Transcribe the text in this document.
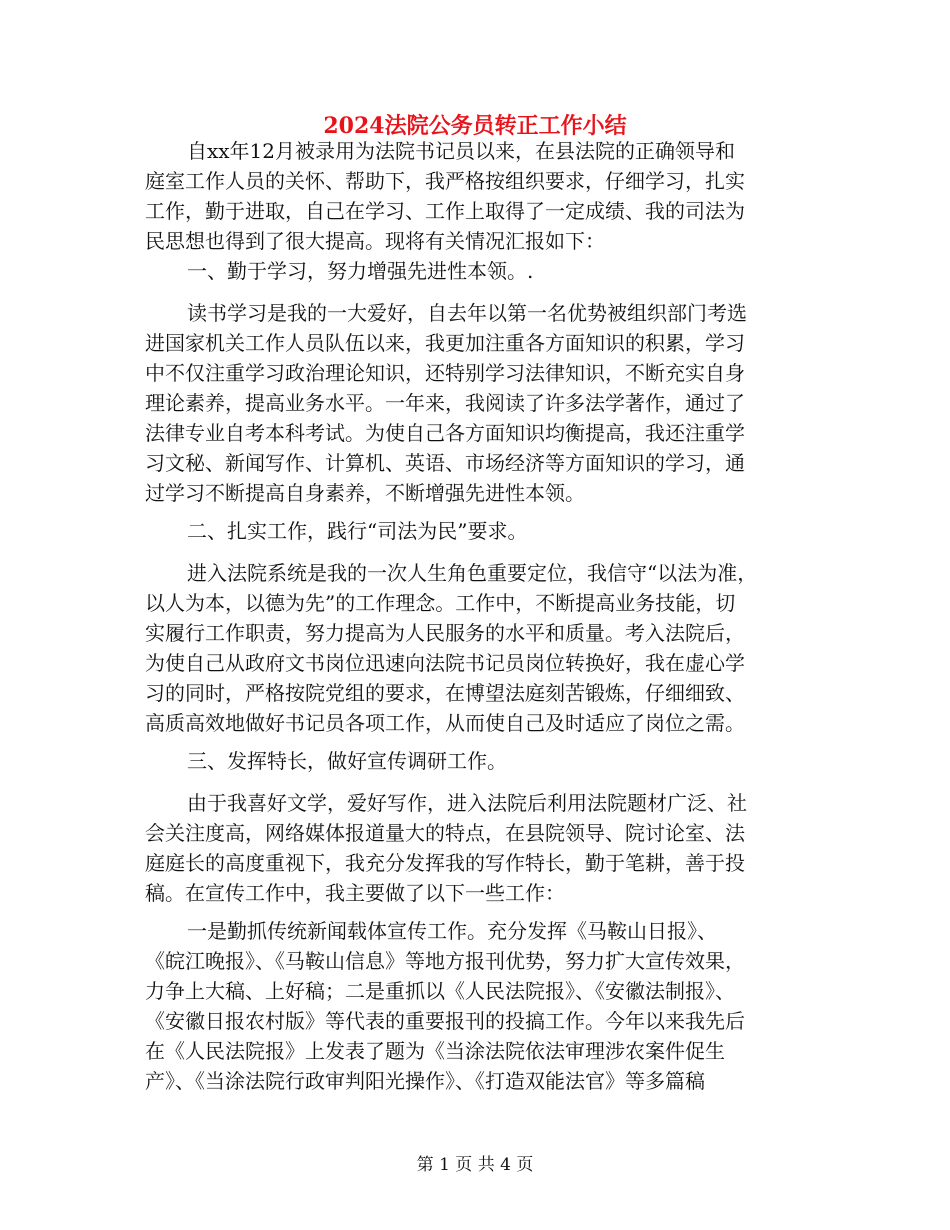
2024法院公务员转正工作小结

自xx年12月被录用为法院书记员以来，在县法院的正确领导和

庭室工作人员的关怀、帮助下，我严格按组织要求，仔细学习，扎实

工作，勤于进取，自己在学习、工作上取得了一定成绩、我的司法为

民思想也得到了很大提高。现将有关情况汇报如下：

一、勤于学习，努力增强先进性本领。.

读书学习是我的一大爱好，自去年以第一名优势被组织部门考选

进国家机关工作人员队伍以来，我更加注重各方面知识的积累，学习

中不仅注重学习政治理论知识，还特别学习法律知识，不断充实自身

理论素养，提高业务水平。一年来，我阅读了许多法学著作，通过了

法律专业自考本科考试。为使自己各方面知识均衡提高，我还注重学

习文秘、新闻写作、计算机、英语、市场经济等方面知识的学习，通

过学习不断提高自身素养，不断增强先进性本领。

二、扎实工作，践行“司法为民”要求。

进入法院系统是我的一次人生角色重要定位，我信守“以法为准，

以人为本，以德为先”的工作理念。工作中，不断提高业务技能，切

实履行工作职责，努力提高为人民服务的水平和质量。考入法院后，

为使自己从政府文书岗位迅速向法院书记员岗位转换好，我在虚心学

习的同时，严格按院党组的要求，在博望法庭刻苦锻炼，仔细细致、

高质高效地做好书记员各项工作，从而使自己及时适应了岗位之需。

三、发挥特长，做好宣传调研工作。

由于我喜好文学，爱好写作，进入法院后利用法院题材广泛、社

会关注度高，网络媒体报道量大的特点，在县院领导、院讨论室、法

庭庭长的高度重视下，我充分发挥我的写作特长，勤于笔耕，善于投

稿。在宣传工作中，我主要做了以下一些工作：

一是勤抓传统新闻载体宣传工作。充分发挥《马鞍山日报》、

《皖江晚报》、《马鞍山信息》等地方报刊优势，努力扩大宣传效果，

力争上大稿、上好稿；二是重抓以《人民法院报》、《安徽法制报》、

《安徽日报农村版》等代表的重要报刊的投搞工作。今年以来我先后

在《人民法院报》上发表了题为《当涂法院依法审理涉农案件促生

产》、《当涂法院行政审判阳光操作》、《打造双能法官》等多篇稿

第 1 页 共 4 页
